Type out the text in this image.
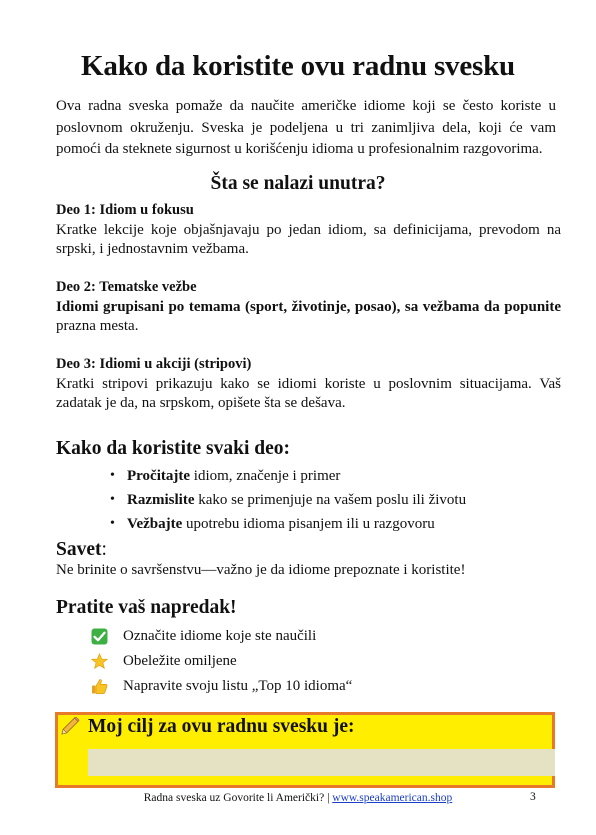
Kako da koristite ovu radnu svesku

Ova radna sveska pomaže da naučite američke idiome koji se često koriste u poslovnom okruženju. Sveska je podeljena u tri zanimljiva dela, koji će vam pomoći da steknete sigurnost u korišćenju idioma u profesionalnim razgovorima.

Šta se nalazi unutra?
Deo 1: Idiom u fokusu
Kratke lekcije koje objašnjavaju po jedan idiom, sa definicijama, prevodom na srpski, i jednostavnim vežbama.
Deo 2: Tematske vežbe
Idiomi grupisani po temama (sport, životinje, posao), sa vežbama da popunite prazna mesta.
Deo 3: Idiomi u akciji (stripovi)
Kratki stripovi prikazuju kako se idiomi koriste u poslovnim situacijama. Vaš zadatak je da, na srpskom, opišete šta se dešava.
Kako da koristite svaki deo:
• Pročitajte idiom, značenje i primer
• Razmislite kako se primenjuje na vašem poslu ili životu
• Vežbajte upotrebu idioma pisanjem ili u razgovoru
Savet:
Ne brinite o savršenstvu—važno je da idiome prepoznate i koristite!
Pratite vaš napredak!
Označite idiome koje ste naučili
Obeležite omiljene
Napravite svoju listu „Top 10 idioma“
Moj cilj za ovu radnu svesku je:
Radna sveska uz Govorite li Američki? | www.speakamerican.shop	3
